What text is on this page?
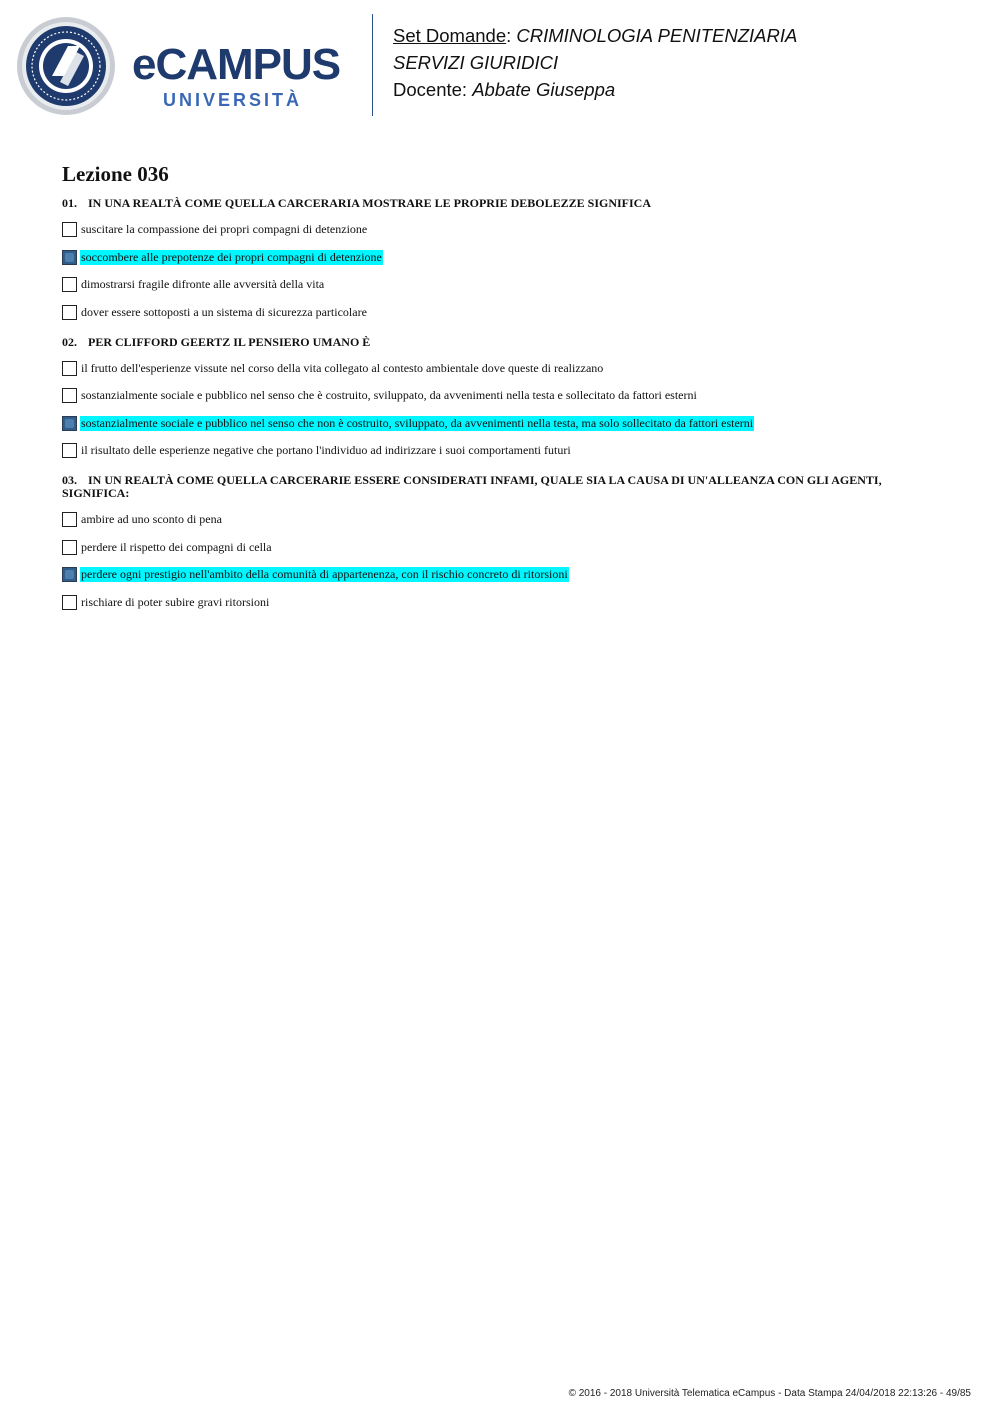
eCAMPUS
UNIVERSITÀ
Set Domande: CRIMINOLOGIA PENITENZIARIA
SERVIZI GIURIDICI
Docente: Abbate Giuseppa
Lezione 036
01. IN UNA REALTÀ COME QUELLA CARCERARIA MOSTRARE LE PROPRIE DEBOLEZZE SIGNIFICA
suscitare la compassione dei propri compagni di detenzione
soccombere alle prepotenze dei propri compagni di detenzione
dimostrarsi fragile difronte alle avversità della vita
dover essere sottoposti a un sistema di sicurezza particolare
02. PER CLIFFORD GEERTZ IL PENSIERO UMANO È
il frutto dell'esperienze vissute nel corso della vita collegato al contesto ambientale dove queste di realizzano
sostanzialmente sociale e pubblico nel senso che è costruito, sviluppato, da avvenimenti nella testa e sollecitato da fattori esterni
sostanzialmente sociale e pubblico nel senso che non è costruito, sviluppato, da avvenimenti nella testa, ma solo sollecitato da fattori esterni
il risultato delle esperienze negative che portano l'individuo ad indirizzare i suoi comportamenti futuri
03. IN UN REALTÀ COME QUELLA CARCERARIE ESSERE CONSIDERATI INFAMI, QUALE SIA LA CAUSA DI UN'ALLEANZA CON GLI AGENTI, SIGNIFICA:
ambire ad uno sconto di pena
perdere il rispetto dei compagni di cella
perdere ogni prestigio nell'ambito della comunità di appartenenza, con il rischio concreto di ritorsioni
rischiare di poter subire gravi ritorsioni
© 2016 - 2018 Università Telematica eCampus - Data Stampa 24/04/2018 22:13:26 - 49/85
